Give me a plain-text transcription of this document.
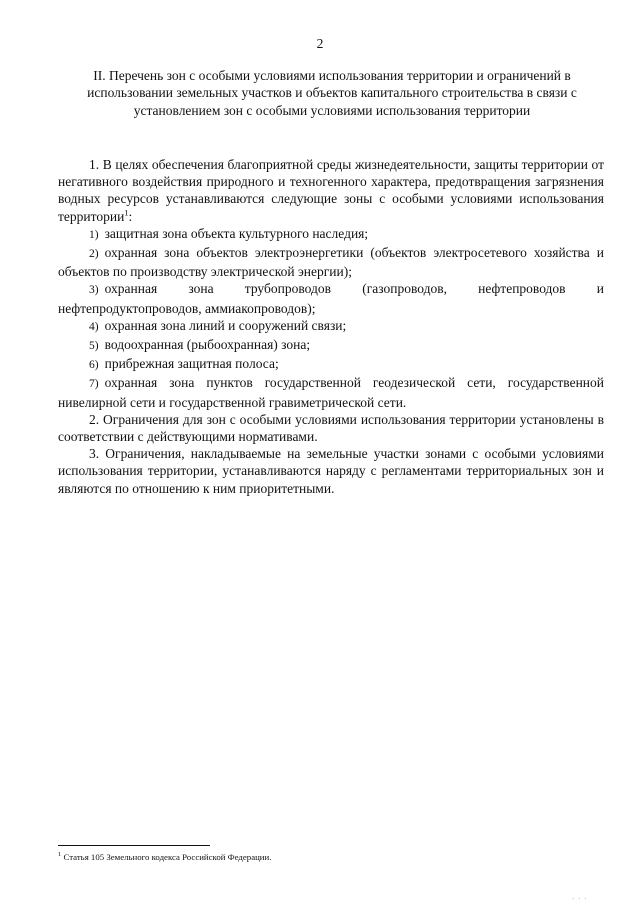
2
II. Перечень зон с особыми условиями использования территории и ограничений в использовании земельных участков и объектов капитального строительства в связи с установлением зон с особыми условиями использования территории

1. В целях обеспечения благоприятной среды жизнедеятельности, защиты территории от негативного воздействия природного и техногенного характера, предотвращения загрязнения водных ресурсов устанавливаются следующие зоны с особыми условиями использования территории$^1$:

1) защитная зона объекта культурного наследия;

2) охранная зона объектов электроэнергетики (объектов электросетевого хозяйства и объектов по производству электрической энергии);

3) охранная зона трубопроводов (газопроводов, нефтепроводов и нефтепродуктопроводов, аммиакопроводов);

4) охранная зона линий и сооружений связи;

5) водоохранная (рыбоохранная) зона;

6) прибрежная защитная полоса;

7) охранная зона пунктов государственной геодезической сети, государственной нивелирной сети и государственной гравиметрической сети.

2. Ограничения для зон с особыми условиями использования территории установлены в соответствии с действующими нормативами.

3. Ограничения, накладываемые на земельные участки зонами с особыми условиями использования территории, устанавливаются наряду с регламентами территориальных зон и являются по отношению к ним приоритетными.

$^1$ Статья 105 Земельного кодекса Российской Федерации.
· · ·
